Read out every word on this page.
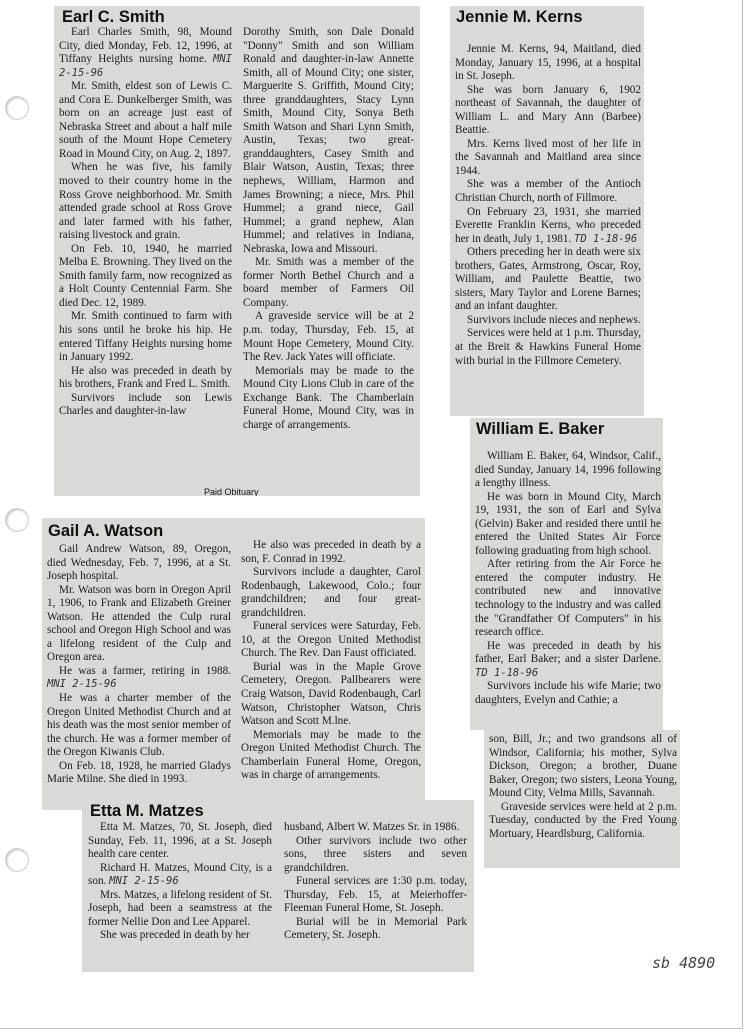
Earl C. Smith

Earl Charles Smith, 98, Mound City, died Monday, Feb. 12, 1996, at Tiffany Heights nursing home. MNI 2-15-96

Mr. Smith, eldest son of Lewis C. and Cora E. Dunkelberger Smith, was born on an acreage just east of Nebraska Street and about a half mile south of the Mount Hope Cemetery Road in Mound City, on Aug. 2, 1897.

When he was five, his family moved to their country home in the Ross Grove neighborhood. Mr. Smith attended grade school at Ross Grove and later farmed with his father, raising livestock and grain.

On Feb. 10, 1940, he married Melba E. Browning. They lived on the Smith family farm, now recognized as a Holt County Centennial Farm. She died Dec. 12, 1989.

Mr. Smith continued to farm with his sons until he broke his hip. He entered Tiffany Heights nursing home in January 1992.

He also was preceded in death by his brothers, Frank and Fred L. Smith.

Survivors include son Lewis Charles and daughter-in-law

Dorothy Smith, son Dale Donald "Donny" Smith and son William Ronald and daughter-in-law Annette Smith, all of Mound City; one sister, Marguerite S. Griffith, Mound City; three granddaughters, Stacy Lynn Smith, Mound City, Sonya Beth Smith Watson and Shari Lynn Smith, Austin, Texas; two great-granddaughters, Casey Smith and Blair Watson, Austin, Texas; three nephews, William, Harmon and James Browning; a niece, Mrs. Phil Hummel; a grand niece, Gail Hummel; a grand nephew, Alan Hummel; and relatives in Indiana, Nebraska, Iowa and Missouri.

Mr. Smith was a member of the former North Bethel Church and a board member of Farmers Oil Company.

A graveside service will be at 2 p.m. today, Thursday, Feb. 15, at Mount Hope Cemetery, Mound City. The Rev. Jack Yates will officiate.

Memorials may be made to the Mound City Lions Club in care of the Exchange Bank. The Chamberlain Funeral Home, Mound City, was in charge of arrangements.

Paid Obituary
Jennie M. Kerns

Jennie M. Kerns, 94, Maitland, died Monday, January 15, 1996, at a hospital in St. Joseph.

She was born January 6, 1902 northeast of Savannah, the daughter of William L. and Mary Ann (Barbee) Beattie.

Mrs. Kerns lived most of her life in the Savannah and Maitland area since 1944.

She was a member of the Antioch Christian Church, north of Fillmore.

On February 23, 1931, she married Everette Franklin Kerns, who preceded her in death, July 1, 1981. TD 1-18-96

Others preceding her in death were six brothers, Gates, Armstrong, Oscar, Roy, William, and Paulette Beattie, two sisters, Mary Taylor and Lorene Barnes; and an infant daughter.

Survivors include nieces and nephews.

Services were held at 1 p.m. Thursday, at the Breit & Hawkins Funeral Home with burial in the Fillmore Cemetery.

William E. Baker

William E. Baker, 64, Windsor, Calif., died Sunday, January 14, 1996 following a lengthy illness.

He was born in Mound City, March 19, 1931, the son of Earl and Sylva (Gelvin) Baker and resided there until he entered the United States Air Force following graduating from high school.

After retiring from the Air Force he entered the computer industry. He contributed new and innovative technology to the industry and was called the "Grandfather Of Computers" in his research office.

He was preceded in death by his father, Earl Baker; and a sister Darlene. TD 1-18-96

Survivors include his wife Marie; two daughters, Evelyn and Cathie; a

son, Bill, Jr.; and two grandsons all of Windsor, California; his mother, Sylva Dickson, Oregon; a brother, Duane Baker, Oregon; two sisters, Leona Young, Mound City, Velma Mills, Savannah.

Graveside services were held at 2 p.m. Tuesday, conducted by the Fred Young Mortuary, Heardlsburg, California.

Gail A. Watson

Gail Andrew Watson, 89, Oregon, died Wednesday, Feb. 7, 1996, at a St. Joseph hospital.

Mr. Watson was born in Oregon April 1, 1906, to Frank and Elizabeth Greiner Watson. He attended the Culp rural school and Oregon High School and was a lifelong resident of the Culp and Oregon area.

He was a farmer, retiring in 1988. MNI 2-15-96

He was a charter member of the Oregon United Methodist Church and at his death was the most senior member of the church. He was a former member of the Oregon Kiwanis Club.

On Feb. 18, 1928, he married Gladys Marie Milne. She died in 1993.

He also was preceded in death by a son, F. Conrad in 1992.

Survivors include a daughter, Carol Rodenbaugh, Lakewood, Colo.; four grandchildren; and four great-grandchildren.

Funeral services were Saturday, Feb. 10, at the Oregon United Methodist Church. The Rev. Dan Faust officiated.

Burial was in the Maple Grove Cemetery, Oregon. Pallbearers were Craig Watson, David Rodenbaugh, Carl Watson, Christopher Watson, Chris Watson and Scott M.lne.

Memorials may be made to the Oregon United Methodist Church. The Chamberlain Funeral Home, Oregon, was in charge of arrangements.

Etta M. Matzes

Etta M. Matzes, 70, St. Joseph, died Sunday, Feb. 11, 1996, at a St. Joseph health care center.

Richard H. Matzes, Mound City, is a son. MNI 2-15-96

Mrs. Matzes, a lifelong resident of St. Joseph, had been a seamstress at the former Nellie Don and Lee Apparel.

She was preceded in death by her

husband, Albert W. Matzes Sr. in 1986.

Other survivors include two other sons, three sisters and seven grandchildren.

Funeral services are 1:30 p.m. today, Thursday, Feb. 15, at Meierhoffer-Fleeman Funeral Home, St. Joseph.

Burial will be in Memorial Park Cemetery, St. Joseph.

sb 4890
